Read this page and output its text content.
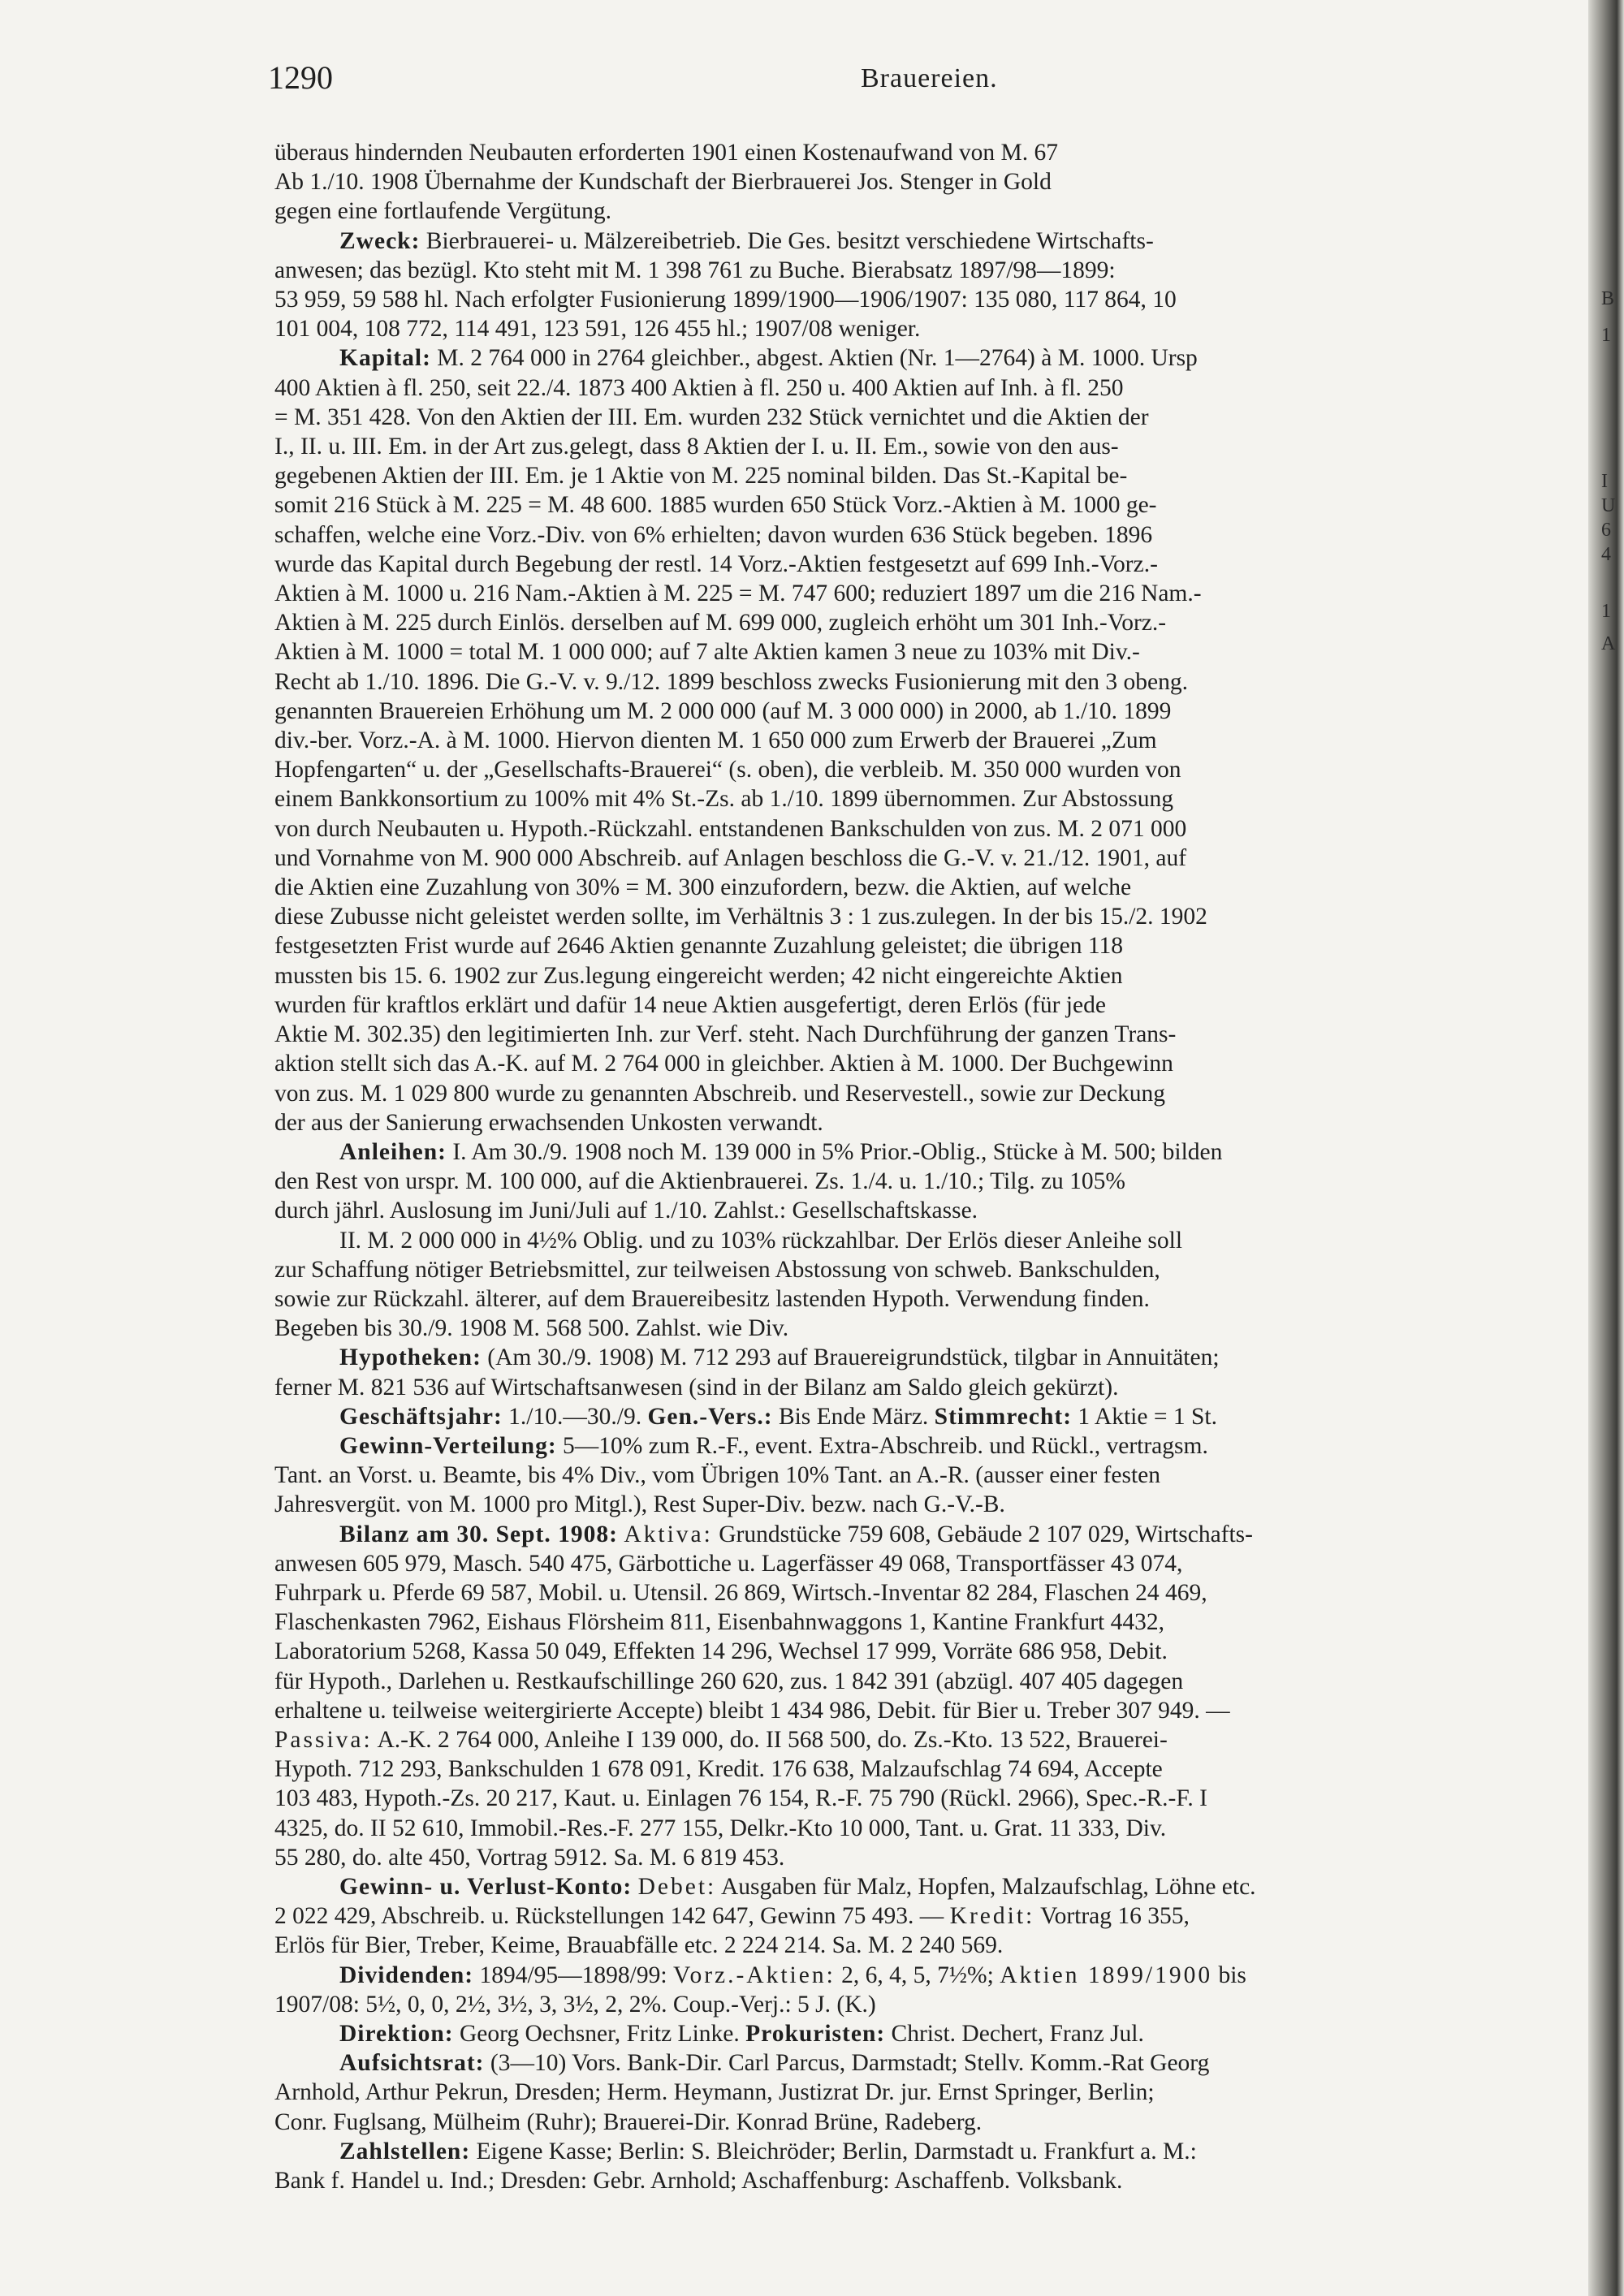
1290	Brauereien.
überaus hindernden Neubauten erforderten 1901 einen Kostenaufwand von M. 67
Ab 1./10. 1908 Übernahme der Kundschaft der Bierbrauerei Jos. Stenger in Gold
gegen eine fortlaufende Vergütung.
Zweck: Bierbrauerei- u. Mälzereibetrieb. Die Ges. besitzt verschiedene Wirtschafts-
anwesen; das bezügl. Kto steht mit M. 1 398 761 zu Buche. Bierabsatz 1897/98—1899:
53 959, 59 588 hl. Nach erfolgter Fusionierung 1899/1900—1906/1907: 135 080, 117 864, 10
101 004, 108 772, 114 491, 123 591, 126 455 hl.; 1907/08 weniger.
Kapital: M. 2 764 000 in 2764 gleichber., abgest. Aktien (Nr. 1—2764) à M. 1000. Ursp
400 Aktien à fl. 250, seit 22./4. 1873 400 Aktien à fl. 250 u. 400 Aktien auf Inh. à fl. 250
= M. 351 428. Von den Aktien der III. Em. wurden 232 Stück vernichtet und die Aktien der
I., II. u. III. Em. in der Art zus.gelegt, dass 8 Aktien der I. u. II. Em., sowie von den aus-
gegebenen Aktien der III. Em. je 1 Aktie von M. 225 nominal bilden. Das St.-Kapital be-
somit 216 Stück à M. 225 = M. 48 600. 1885 wurden 650 Stück Vorz.-Aktien à M. 1000 ge-
schaffen, welche eine Vorz.-Div. von 6% erhielten; davon wurden 636 Stück begeben. 1896
wurde das Kapital durch Begebung der restl. 14 Vorz.-Aktien festgesetzt auf 699 Inh.-Vorz.-
Aktien à M. 1000 u. 216 Nam.-Aktien à M. 225 = M. 747 600; reduziert 1897 um die 216 Nam.-
Aktien à M. 225 durch Einlös. derselben auf M. 699 000, zugleich erhöht um 301 Inh.-Vorz.-
Aktien à M. 1000 = total M. 1 000 000; auf 7 alte Aktien kamen 3 neue zu 103% mit Div.-
Recht ab 1./10. 1896. Die G.-V. v. 9./12. 1899 beschloss zwecks Fusionierung mit den 3 obeng.
genannten Brauereien Erhöhung um M. 2 000 000 (auf M. 3 000 000) in 2000, ab 1./10. 1899
div.-ber. Vorz.-A. à M. 1000. Hiervon dienten M. 1 650 000 zum Erwerb der Brauerei „Zum
Hopfengarten“ u. der „Gesellschafts-Brauerei“ (s. oben), die verbleib. M. 350 000 wurden von
einem Bankkonsortium zu 100% mit 4% St.-Zs. ab 1./10. 1899 übernommen. Zur Abstossung
von durch Neubauten u. Hypoth.-Rückzahl. entstandenen Bankschulden von zus. M. 2 071 000
und Vornahme von M. 900 000 Abschreib. auf Anlagen beschloss die G.-V. v. 21./12. 1901, auf
die Aktien eine Zuzahlung von 30% = M. 300 einzufordern, bezw. die Aktien, auf welche
diese Zubusse nicht geleistet werden sollte, im Verhältnis 3 : 1 zus.zulegen. In der bis 15./2. 1902
festgesetzten Frist wurde auf 2646 Aktien genannte Zuzahlung geleistet; die übrigen 118
mussten bis 15. 6. 1902 zur Zus.legung eingereicht werden; 42 nicht eingereichte Aktien
wurden für kraftlos erklärt und dafür 14 neue Aktien ausgefertigt, deren Erlös (für jede
Aktie M. 302.35) den legitimierten Inh. zur Verf. steht. Nach Durchführung der ganzen Trans-
aktion stellt sich das A.-K. auf M. 2 764 000 in gleichber. Aktien à M. 1000. Der Buchgewinn
von zus. M. 1 029 800 wurde zu genannten Abschreib. und Reservestell., sowie zur Deckung
der aus der Sanierung erwachsenden Unkosten verwandt.
Anleihen: I. Am 30./9. 1908 noch M. 139 000 in 5% Prior.-Oblig., Stücke à M. 500; bilden
den Rest von urspr. M. 100 000, auf die Aktienbrauerei. Zs. 1./4. u. 1./10.; Tilg. zu 105%
durch jährl. Auslosung im Juni/Juli auf 1./10. Zahlst.: Gesellschaftskasse.
II. M. 2 000 000 in 4½% Oblig. und zu 103% rückzahlbar. Der Erlös dieser Anleihe soll
zur Schaffung nötiger Betriebsmittel, zur teilweisen Abstossung von schweb. Bankschulden,
sowie zur Rückzahl. älterer, auf dem Brauereibesitz lastenden Hypoth. Verwendung finden.
Begeben bis 30./9. 1908 M. 568 500. Zahlst. wie Div.
Hypotheken: (Am 30./9. 1908) M. 712 293 auf Brauereigrundstück, tilgbar in Annuitäten;
ferner M. 821 536 auf Wirtschaftsanwesen (sind in der Bilanz am Saldo gleich gekürzt).
Geschäftsjahr: 1./10.—30./9. Gen.-Vers.: Bis Ende März. Stimmrecht: 1 Aktie = 1 St.
Gewinn-Verteilung: 5—10% zum R.-F., event. Extra-Abschreib. und Rückl., vertragsm.
Tant. an Vorst. u. Beamte, bis 4% Div., vom Übrigen 10% Tant. an A.-R. (ausser einer festen
Jahresvergüt. von M. 1000 pro Mitgl.), Rest Super-Div. bezw. nach G.-V.-B.
Bilanz am 30. Sept. 1908: Aktiva: Grundstücke 759 608, Gebäude 2 107 029, Wirtschafts-
anwesen 605 979, Masch. 540 475, Gärbottiche u. Lagerfässer 49 068, Transportfässer 43 074,
Fuhrpark u. Pferde 69 587, Mobil. u. Utensil. 26 869, Wirtsch.-Inventar 82 284, Flaschen 24 469,
Flaschenkasten 7962, Eishaus Flörsheim 811, Eisenbahnwaggons 1, Kantine Frankfurt 4432,
Laboratorium 5268, Kassa 50 049, Effekten 14 296, Wechsel 17 999, Vorräte 686 958, Debit.
für Hypoth., Darlehen u. Restkaufschillinge 260 620, zus. 1 842 391 (abzügl. 407 405 dagegen
erhaltene u. teilweise weitergirierte Accepte) bleibt 1 434 986, Debit. für Bier u. Treber 307 949. —
Passiva: A.-K. 2 764 000, Anleihe I 139 000, do. II 568 500, do. Zs.-Kto. 13 522, Brauerei-
Hypoth. 712 293, Bankschulden 1 678 091, Kredit. 176 638, Malzaufschlag 74 694, Accepte
103 483, Hypoth.-Zs. 20 217, Kaut. u. Einlagen 76 154, R.-F. 75 790 (Rückl. 2966), Spec.-R.-F. I
4325, do. II 52 610, Immobil.-Res.-F. 277 155, Delkr.-Kto 10 000, Tant. u. Grat. 11 333, Div.
55 280, do. alte 450, Vortrag 5912. Sa. M. 6 819 453.
Gewinn- u. Verlust-Konto: Debet: Ausgaben für Malz, Hopfen, Malzaufschlag, Löhne etc.
2 022 429, Abschreib. u. Rückstellungen 142 647, Gewinn 75 493. — Kredit: Vortrag 16 355,
Erlös für Bier, Treber, Keime, Brauabfälle etc. 2 224 214. Sa. M. 2 240 569.
Dividenden: 1894/95—1898/99: Vorz.-Aktien: 2, 6, 4, 5, 7½%; Aktien 1899/1900 bis
1907/08: 5½, 0, 0, 2½, 3½, 3, 3½, 2, 2%. Coup.-Verj.: 5 J. (K.)
Direktion: Georg Oechsner, Fritz Linke. Prokuristen: Christ. Dechert, Franz Jul.
Aufsichtsrat: (3—10) Vors. Bank-Dir. Carl Parcus, Darmstadt; Stellv. Komm.-Rat Georg
Arnhold, Arthur Pekrun, Dresden; Herm. Heymann, Justizrat Dr. jur. Ernst Springer, Berlin;
Conr. Fuglsang, Mülheim (Ruhr); Brauerei-Dir. Konrad Brüne, Radeberg.
Zahlstellen: Eigene Kasse; Berlin: S. Bleichröder; Berlin, Darmstadt u. Frankfurt a. M.:
Bank f. Handel u. Ind.; Dresden: Gebr. Arnhold; Aschaffenburg: Aschaffenb. Volksbank.
B
1
I
U
6
4
1
A
